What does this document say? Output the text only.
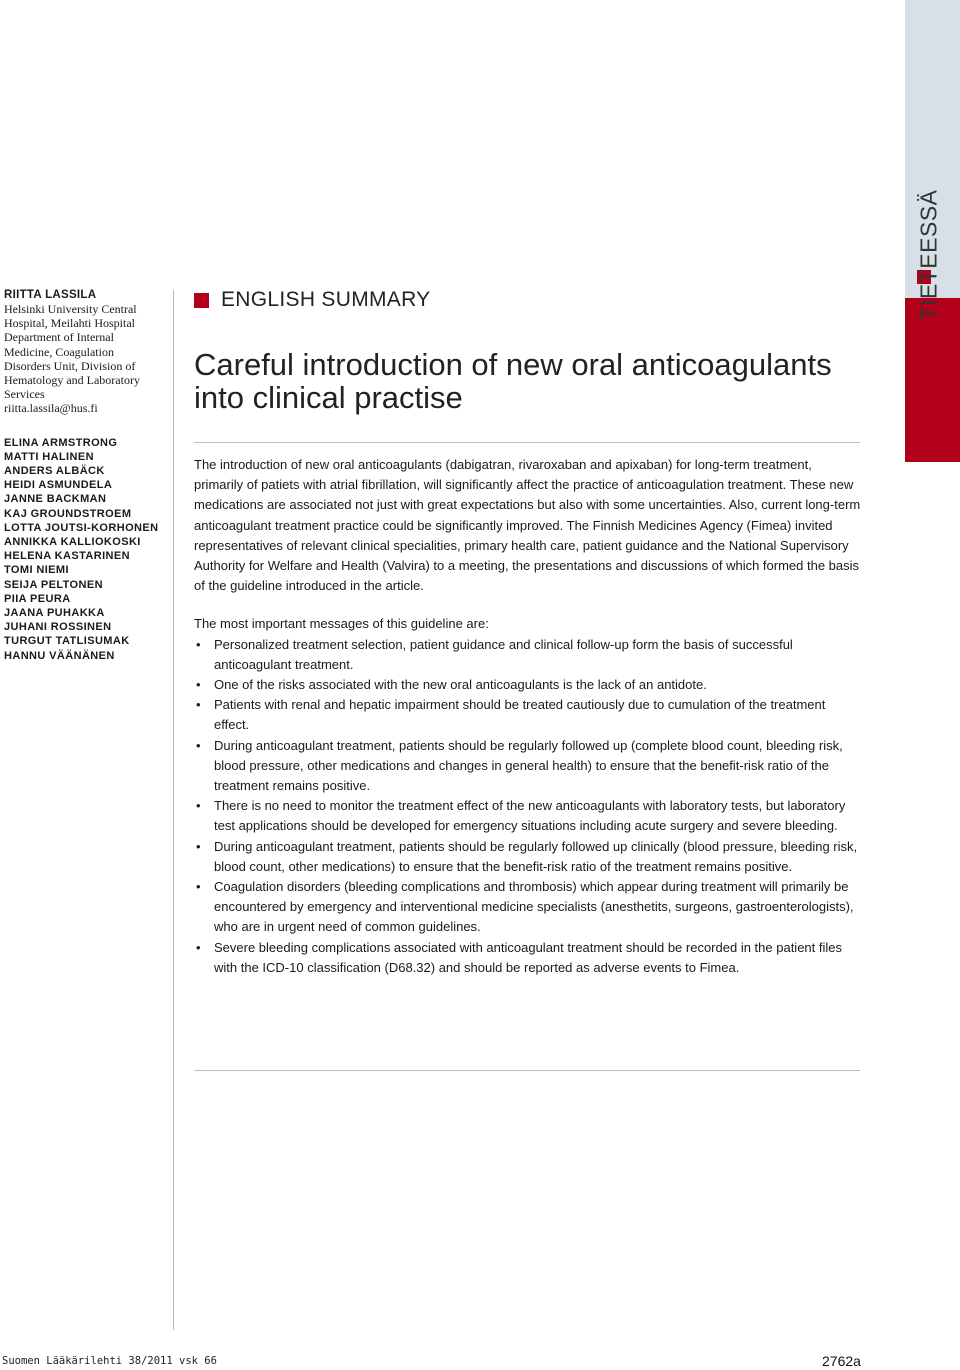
TIETEESSÄ
RIITTA LASSILA
Helsinki University Central
Hospital, Meilahti Hospital
Department of Internal
Medicine, Coagulation
Disorders Unit, Division of
Hematology and Laboratory
Services
riitta.lassila@hus.fi
ELINA ARMSTRONG
MATTI HALINEN
ANDERS ALBÄCK
HEIDI ASMUNDELA
JANNE BACKMAN
KAJ GROUNDSTROEM
LOTTA JOUTSI-KORHONEN
ANNIKKA KALLIOKOSKI
HELENA KASTARINEN
TOMI NIEMI
SEIJA PELTONEN
PIIA PEURA
JAANA PUHAKKA
JUHANI ROSSINEN
TURGUT TATLISUMAK
HANNU VÄÄNÄNEN
ENGLISH SUMMARY
Careful introduction of new oral anticoagulants into clinical practise

The introduction of new oral anticoagulants (dabigatran, rivaroxaban and apixaban) for long-term treatment, primarily of patiets with atrial fibrillation, will significantly affect the practice of anticoagulation treatment. These new medications are associated not just with great expectations but also with some uncertainties. Also, current long-term anticoagulant treatment practice could be significantly improved. The Finnish Medicines Agency (Fimea) invited representatives of relevant clinical specialities, primary health care, patient guidance and the National Supervisory Authority for Welfare and Health (Valvira) to a meeting, the presentations and discussions of which formed the basis of the guideline introduced in the article.

The most important messages of this guideline are:

• Personalized treatment selection, patient guidance and clinical follow-up form the basis of successful anticoagulant treatment.
• One of the risks associated with the new oral anticoagulants is the lack of an antidote.
• Patients with renal and hepatic impairment should be treated cautiously due to cumulation of the treatment effect.
• During anticoagulant treatment, patients should be regularly followed up (complete blood count, bleeding risk, blood pressure, other medications and changes in general health) to ensure that the benefit-risk ratio of the treatment remains positive.
• There is no need to monitor the treatment effect of the new anticoagulants with laboratory tests, but laboratory test applications should be developed for emergency situations including acute surgery and severe bleeding.
• During anticoagulant treatment, patients should be regularly followed up clinically (blood pressure, bleeding risk, blood count, other medications) to ensure that the benefit-risk ratio of the treatment remains positive.
• Coagulation disorders (bleeding complications and thrombosis) which appear during treatment will primarily be encountered by emergency and interventional medicine specialists (anesthetits, surgeons, gastroenterologists), who are in urgent need of common guidelines.
• Severe bleeding complications associated with anticoagulant treatment should be recorded in the patient files with the ICD-10 classification (D68.32) and should be reported as adverse events to Fimea.
Suomen Lääkärilehti 38/2011 vsk 66	2762a
